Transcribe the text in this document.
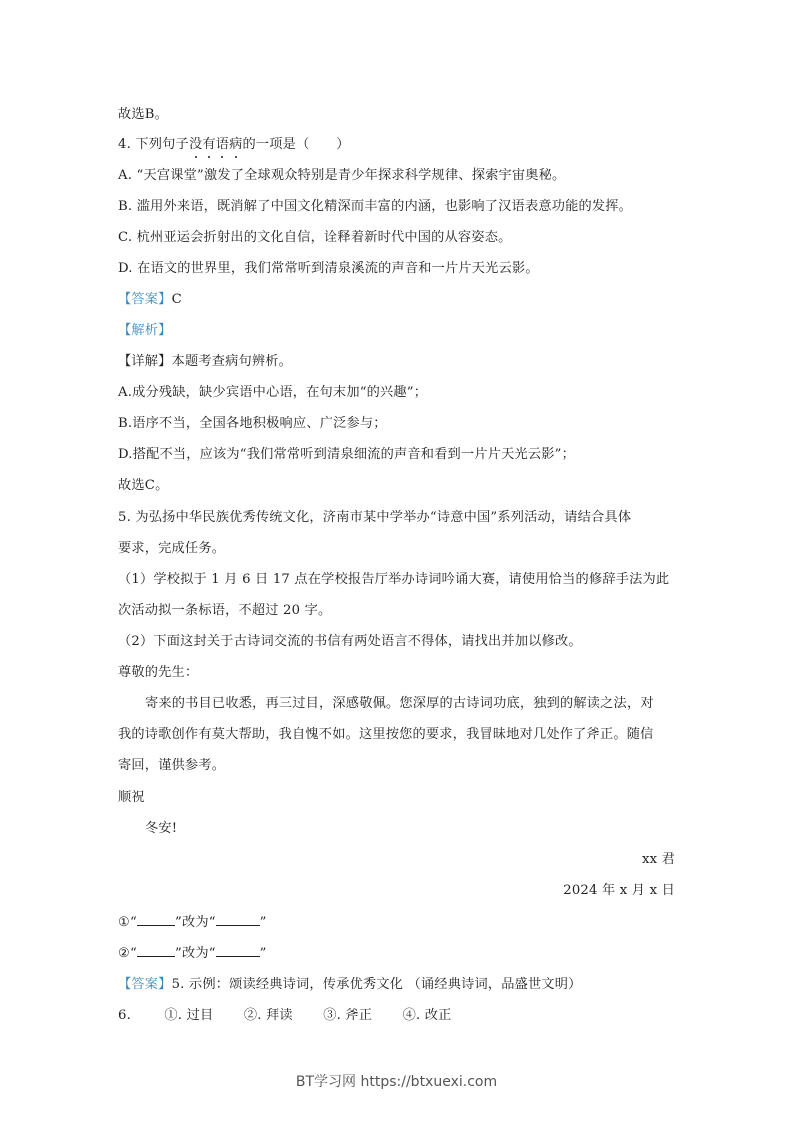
故选B。
4. 下列句子没有语病的一项是（　　）
A. “天宫课堂”激发了全球观众特别是青少年探求科学规律、探索宇宙奥秘。
B. 滥用外来语，既消解了中国文化精深而丰富的内涵，也影响了汉语表意功能的发挥。
C. 杭州亚运会折射出的文化自信，诠释着新时代中国的从容姿态。
D. 在语文的世界里，我们常常听到清泉溪流的声音和一片片天光云影。
【答案】C
【解析】
【详解】本题考查病句辨析。
A.成分残缺，缺少宾语中心语，在句末加“的兴趣”；
B.语序不当，全国各地积极响应、广泛参与；
D.搭配不当，应该为“我们常常听到清泉细流的声音和看到一片片天光云影”；
故选C。
5. 为弘扬中华民族优秀传统文化，济南市某中学举办“诗意中国”系列活动，请结合具体
要求，完成任务。
（1）学校拟于 1 月 6 日 17 点在学校报告厅举办诗词吟诵大赛，请使用恰当的修辞手法为此
次活动拟一条标语，不超过 20 字。
（2）下面这封关于古诗词交流的书信有两处语言不得体，请找出并加以修改。
尊敬的先生：
寄来的书目已收悉，再三过目，深感敬佩。您深厚的古诗词功底，独到的解读之法，对
我的诗歌创作有莫大帮助，我自愧不如。这里按您的要求，我冒昧地对几处作了斧正。随信
寄回，谨供参考。
顺祝
冬安!
xx 君
2024 年 x 月 x 日
①“	”改为“	”
②“	”改为“	”
【答案】5. 示例：颂读经典诗词，传承优秀文化 （诵经典诗词，品盛世文明）
6.	①. 过目 ②. 拜读 ③. 斧正 ④. 改正
BT学习网 https://btxuexi.com
